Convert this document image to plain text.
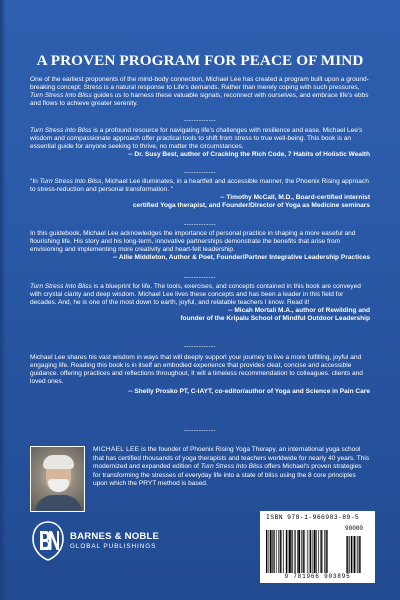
A PROVEN PROGRAM FOR PEACE OF MIND

One of the earliest proponents of the mind-body connection, Michael Lee has created a program built upon a ground-breaking concept: Stress is a natural response to Life's demands. Rather than merely coping with such pressures, Turn Stress Into Bliss guides us to harness these valuable signals, reconnect with ourselves, and embrace life's ebbs and flows to achieve greater serenity.

-------------

Turn Stress into Bliss is a profound resource for navigating life's challenges with resilience and ease. Michael Lee's wisdom and compassionate approach offer practical tools to shift from stress to true well-being. This book is an essential guide for anyone seeking to thrive, no matter the circumstances.

-- Dr. Susy Best, author of Cracking the Rich Code, 7 Habits of Holistic Wealth
-------------

"In Turn Stress Into Bliss, Michael Lee illuminates, in a heartfelt and accessible manner, the Phoenix Rising approach to stress-reduction and personal transformation. "

-- Timothy McCall, M.D., Board-certified internist
certified Yoga therapist, and Founder/Director of Yoga as Medicine seminars
-------------

In this guidebook, Michael Lee acknowledges the importance of personal practice in shaping a more easeful and flourishing life. His story and his long-term, innovative partnerships demonstrate the benefits that arise from envisioning and implementing more creativity and heart-felt leadership.

-- Allie Middleton, Author & Poet, Founder/Partner Integrative Leadership Practices
-------------

Turn Stress Into Bliss is a blueprint for life. The tools, exercises, and concepts contained in this book are conveyed with crystal clarity and deep wisdom. Michael Lee lives these concepts and has been a leader in this field for decades. And, he is one of the most down to earth, joyful, and relatable teachers I know. Read it!

-- Micah Mortali M.A., author of Rewilding and
founder of the Kripalu School of Mindful Outdoor Leadership
-------------

Michael Lee shares his vast wisdom in ways that will deeply support your journey to live a more fulfilling, joyful and engaging life. Reading this book is in itself an embodied experience that provides cleat, concise and accessible guidance. offering practices and reflections throughout, It will a timeless recommendation to colleagues. clients and loved ones.

-- Shelly Prosko PT, C-IAYT, co-editor/author of Yoga and Science in Pain Care
-------------
MICHAEL LEE is the founder of Phoenix Rising Yoga Therapy, an international yoga school that has certified thousands of yoga therapists and teachers worldwide for nearly 40 years. This modernized and expanded edition of Turn Stress Into Bliss offers Michael's proven strategies for transforming the stresses of everyday life into a state of bliss using the 8 core principles upon which the PRYT method is based.
BARNES & NOBLE
GLOBAL PUBLISHINGS
ISBN 978-1-966903-89-5
90000
9 781966 903895
